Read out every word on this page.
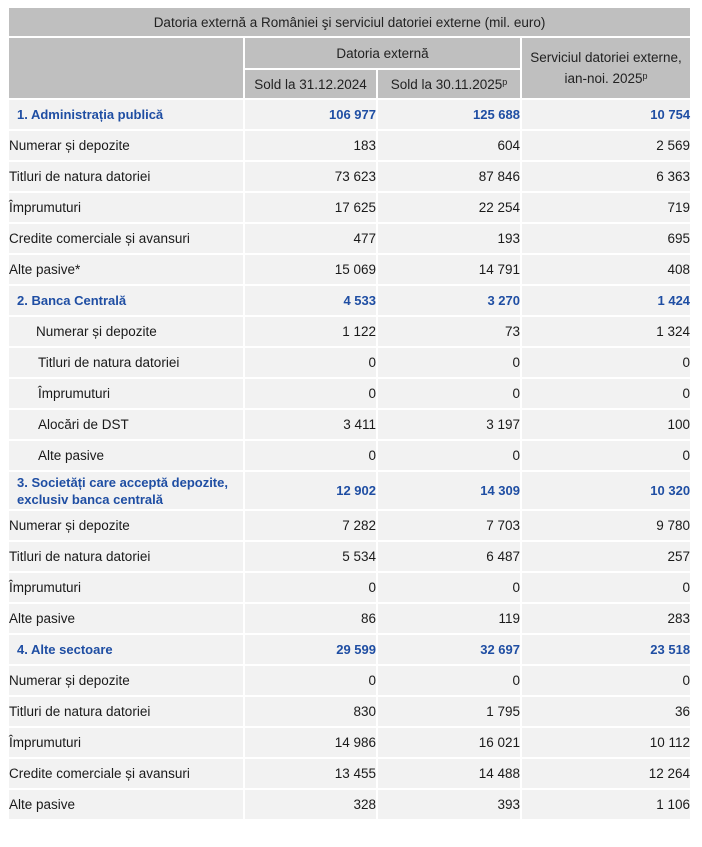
Datoria externă a României şi serviciul datoriei externe (mil. euro)			
	Datoria externă		Serviciul datoriei externe, ian-noi. 2025$^p$
	Sold la 31.12.2024	Sold la 30.11.2025$^p$
1. Administrația publică	106 977	125 688	10 754
Numerar și depozite	183	604	2 569
Titluri de natura datoriei	73 623	87 846	6 363
Împrumuturi	17 625	22 254	719
Credite comerciale și avansuri	477	193	695
Alte pasive*	15 069	14 791	408
2. Banca Centrală	4 533	3 270	1 424
Numerar și depozite	1 122	73	1 324
Titluri de natura datoriei	0	0	0
Împrumuturi	0	0	0
Alocări de DST	3 411	3 197	100
Alte pasive	0	0	0
3. Societăți care acceptă depozite, exclusiv banca centrală	12 902	14 309	10 320
Numerar și depozite	7 282	7 703	9 780
Titluri de natura datoriei	5 534	6 487	257
Împrumuturi	0	0	0
Alte pasive	86	119	283
4. Alte sectoare	29 599	32 697	23 518
Numerar și depozite	0	0	0
Titluri de natura datoriei	830	1 795	36
Împrumuturi	14 986	16 021	10 112
Credite comerciale și avansuri	13 455	14 488	12 264
Alte pasive	328	393	1 106
